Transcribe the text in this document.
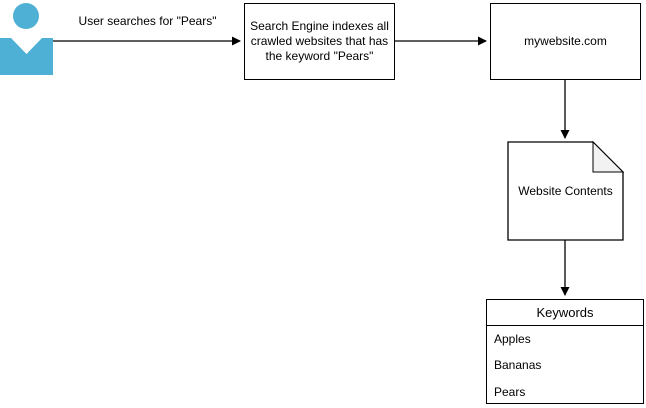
User searches for "Pears"	Search Engine indexes all
crawled websites that has
the keyword "Pears"
mywebsite.com
Website Contents
Keywords
Apples
Bananas
Pears
